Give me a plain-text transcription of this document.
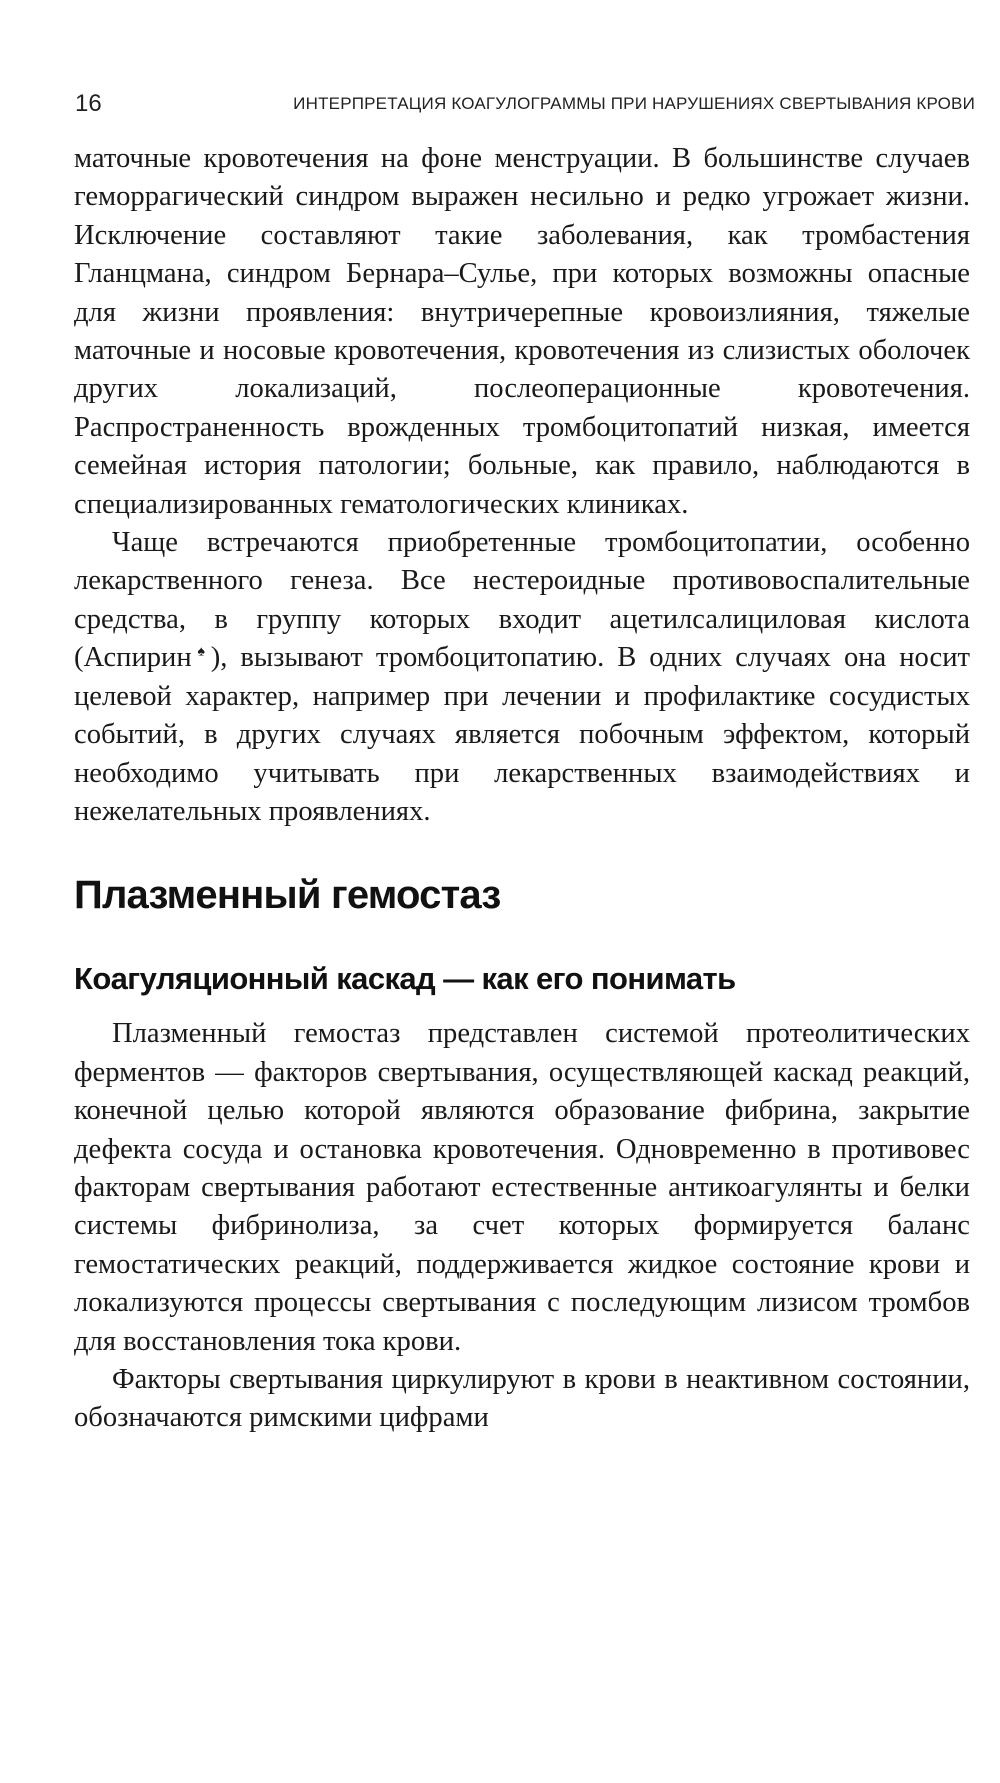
16	ИНТЕРПРЕТАЦИЯ КОАГУЛОГРАММЫ ПРИ НАРУШЕНИЯХ СВЕРТЫВАНИЯ КРОВИ

маточные кровотечения на фоне менструации. В большинстве случаев геморрагический синдром выражен несильно и редко угрожает жизни. Исключение составляют такие заболевания, как тромбастения Гланцмана, синдром Бернара–Сулье, при которых возможны опасные для жизни проявления: внутричерепные кровоизлияния, тяжелые маточные и носовые кровотечения, кровотечения из слизистых оболочек других локализаций, послеоперационные кровотечения. Распространенность врожденных тромбоцитопатий низкая, имеется семейная история патологии; больные, как правило, наблюдаются в специализированных гематологических клиниках.

Чаще встречаются приобретенные тромбоцитопатии, особенно лекарственного генеза. Все нестероидные противовоспалительные средства, в группу которых входит ацетилсалициловая кислота (Аспирин♠), вызывают тромбоцитопатию. В одних случаях она носит целевой характер, например при лечении и профилактике сосудистых событий, в других случаях является побочным эффектом, который необходимо учитывать при лекарственных взаимодействиях и нежелательных проявлениях.

Плазменный гемостаз
Коагуляционный каскад — как его понимать

Плазменный гемостаз представлен системой протеолитических ферментов — факторов свертывания, осуществляющей каскад реакций, конечной целью которой являются образование фибрина, закрытие дефекта сосуда и остановка кровотечения. Одновременно в противовес факторам свертывания работают естественные антикоагулянты и белки системы фибринолиза, за счет которых формируется баланс гемостатических реакций, поддерживается жидкое состояние крови и локализуются процессы свертывания с последующим лизисом тромбов для восстановления тока крови.

Факторы свертывания циркулируют в крови в неактивном состоянии, обозначаются римскими цифрами
